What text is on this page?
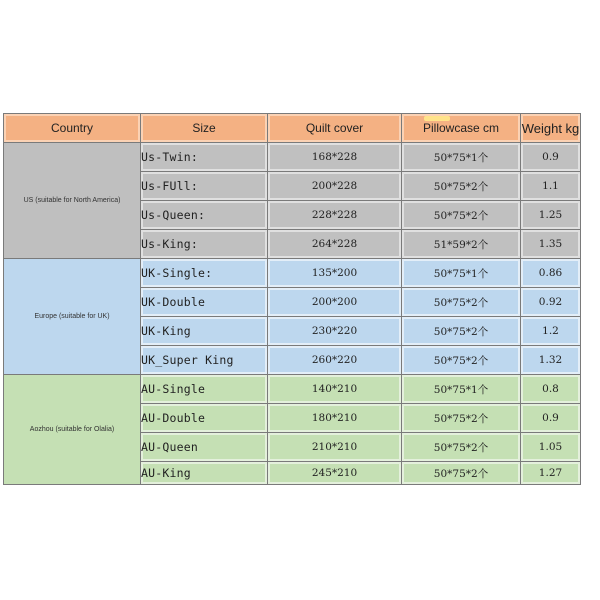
Country	Size	Quilt cover	Pillowcase cm	Weight kg
US (suitable for North America)	Us-Twin:	168*228	50*75*1个	0.9
	Us-FUll:	200*228	50*75*2个	1.1
	Us-Queen:	228*228	50*75*2个	1.25
	Us-King:	264*228	51*59*2个	1.35
Europe (suitable for UK)	UK-Single:	135*200	50*75*1个	0.86
	UK-Double	200*200	50*75*2个	0.92
	UK-King	230*220	50*75*2个	1.2
	UK_Super King	260*220	50*75*2个	1.32
Aozhou (suitable for Olalia)	AU-Single	140*210	50*75*1个	0.8
	AU-Double	180*210	50*75*2个	0.9
	AU-Queen	210*210	50*75*2个	1.05
	AU-King	245*210	50*75*2个	1.27
